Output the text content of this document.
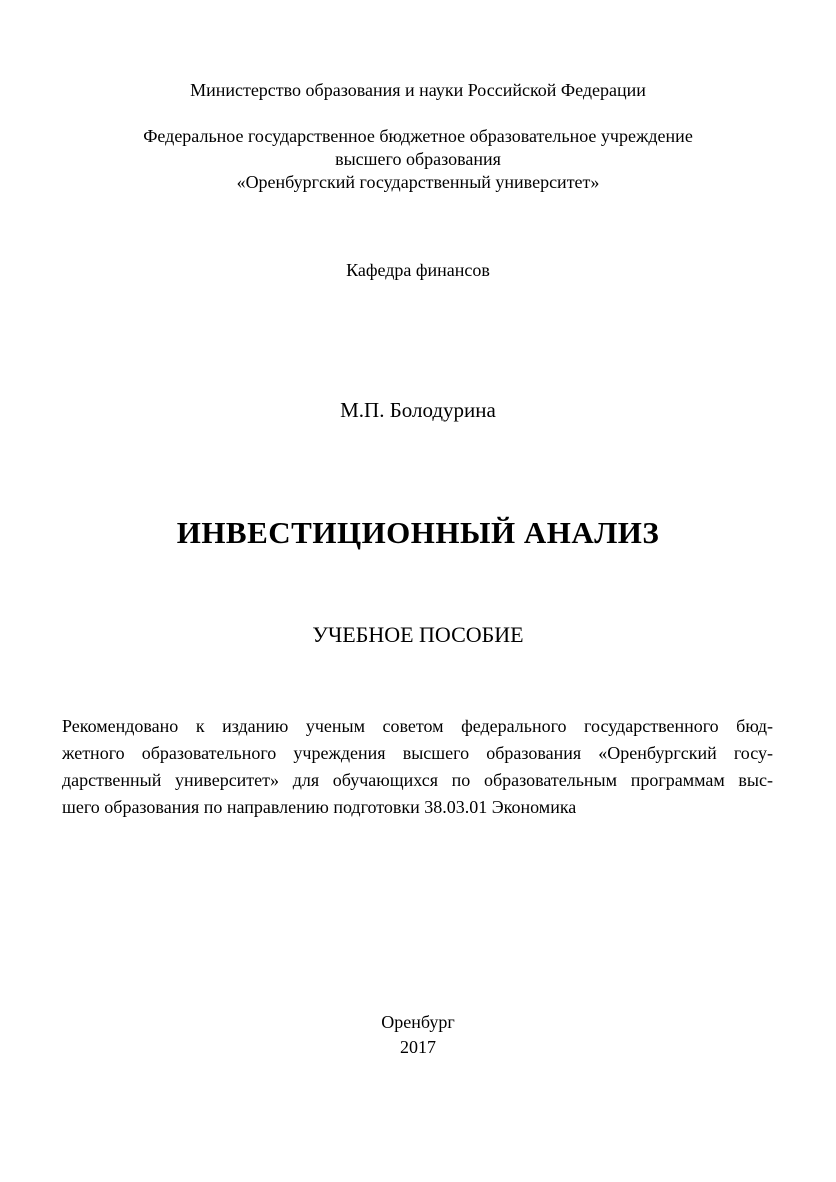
Министерство образования и науки Российской Федерации
Федеральное государственное бюджетное образовательное учреждение
высшего образования
«Оренбургский государственный университет»
Кафедра финансов
М.П. Болодурина
ИНВЕСТИЦИОННЫЙ АНАЛИЗ
УЧЕБНОЕ ПОСОБИЕ
Рекомендовано к изданию ученым советом федерального государственного бюд-
жетного образовательного учреждения высшего образования «Оренбургский госу-
дарственный университет» для обучающихся по образовательным программам выс-
шего образования по направлению подготовки 38.03.01 Экономика
Оренбург
2017
